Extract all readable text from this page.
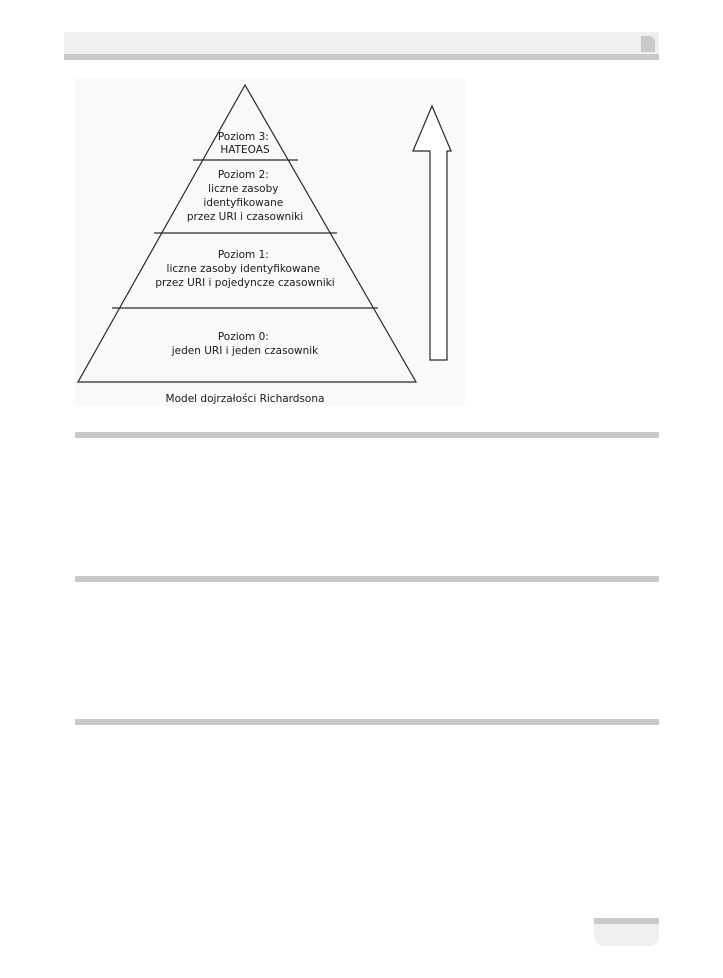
Poziom 3: HATEOAS
Poziom 2: liczne zasoby identyfikowane przez URI i czasowniki
Poziom 1: liczne zasoby identyfikowane przez URI i pojedyncze czasowniki
Poziom 0: jeden URI i jeden czasownik
Model dojrzałości Richardsona
